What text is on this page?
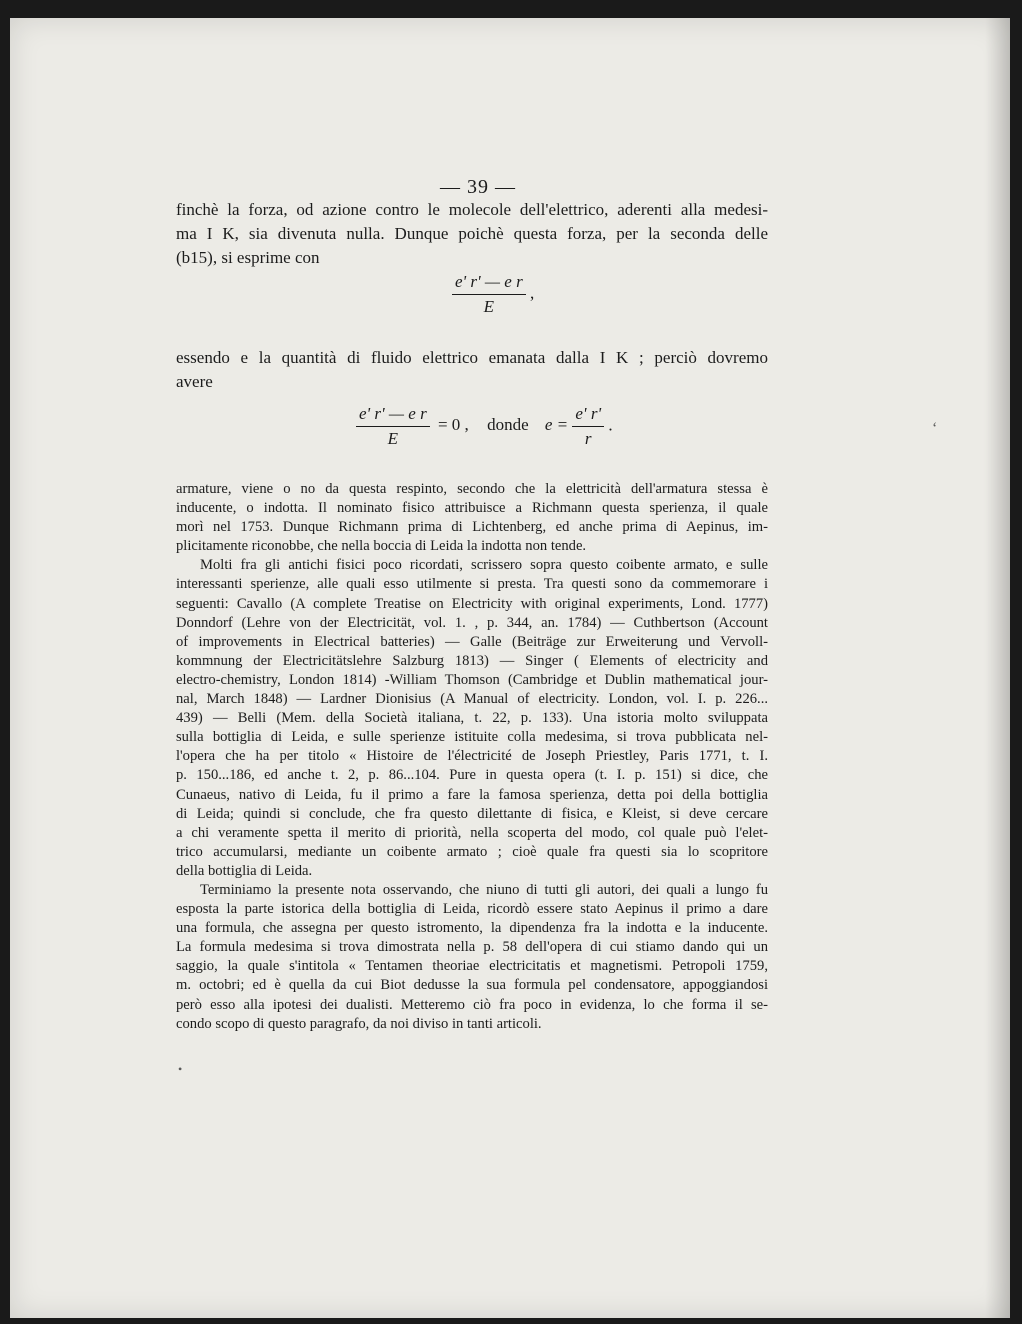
— 39 —
finchè la forza, od azione contro le molecole dell'elettrico, aderenti alla medesi-
ma I K, sia divenuta nulla. Dunque poichè questa forza, per la seconda delle
(b15), si esprime con
$\frac{\text{e' r' — e r}}{E}$ ,
essendo e la quantità di fluido elettrico emanata dalla I K ; perciò dovremo
avere
$\frac{\text{e' r' — e r}}{E} = 0$ , donde $e = \frac{e' r'}{r}$ .
armature, viene o no da questa respinto, secondo che la elettricità dell'armatura stessa è
inducente, o indotta. Il nominato fisico attribuisce a Richmann questa sperienza, il quale
morì nel 1753. Dunque Richmann prima di Lichtenberg, ed anche prima di Aepinus, im-
plicitamente riconobbe, che nella boccia di Leida la indotta non tende.
Molti fra gli antichi fisici poco ricordati, scrissero sopra questo coibente armato, e sulle
interessanti sperienze, alle quali esso utilmente si presta. Tra questi sono da commemorare i
seguenti: Cavallo (A complete Treatise on Electricity with original experiments, Lond. 1777)
Donndorf (Lehre von der Electricität, vol. 1. , p. 344, an. 1784) — Cuthbertson (Account
of improvements in Electrical batteries) — Galle (Beiträge zur Erweiterung und Vervoll-
kommnung der Electricitätslehre Salzburg 1813) — Singer ( Elements of electricity and
electro-chemistry, London 1814) -William Thomson (Cambridge et Dublin mathematical jour-
nal, March 1848) — Lardner Dionisius (A Manual of electricity. London, vol. I. p. 226...
439) — Belli (Mem. della Società italiana, t. 22, p. 133). Una istoria molto sviluppata
sulla bottiglia di Leida, e sulle sperienze istituite colla medesima, si trova pubblicata nel-
l'opera che ha per titolo « Histoire de l'électricité de Joseph Priestley, Paris 1771, t. I.
p. 150...186, ed anche t. 2, p. 86...104. Pure in questa opera (t. I. p. 151) si dice, che
Cunaeus, nativo di Leida, fu il primo a fare la famosa sperienza, detta poi della bottiglia
di Leida; quindi si conclude, che fra questo dilettante di fisica, e Kleist, si deve cercare
a chi veramente spetta il merito di priorità, nella scoperta del modo, col quale può l'elet-
trico accumularsi, mediante un coibente armato ; cioè quale fra questi sia lo scopritore
della bottiglia di Leida.
Terminiamo la presente nota osservando, che niuno di tutti gli autori, dei quali a lungo fu
esposta la parte istorica della bottiglia di Leida, ricordò essere stato Aepinus il primo a dare
una formula, che assegna per questo istromento, la dipendenza fra la indotta e la inducente.
La formula medesima si trova dimostrata nella p. 58 dell'opera di cui stiamo dando qui un
saggio, la quale s'intitola « Tentamen theoriae electricitatis et magnetismi. Petropoli 1759,
m. octobri; ed è quella da cui Biot dedusse la sua formula pel condensatore, appoggiandosi
però esso alla ipotesi dei dualisti. Metteremo ciò fra poco in evidenza, lo che forma il se-
condo scopo di questo paragrafo, da noi diviso in tanti articoli.
ʻ
•
